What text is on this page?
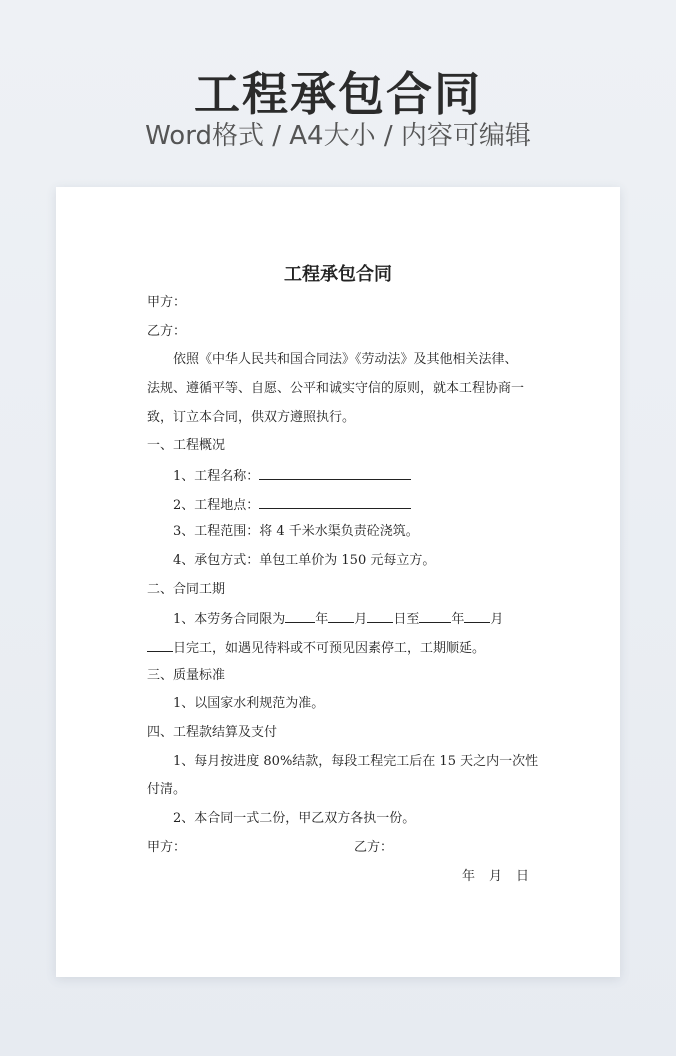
工程承包合同
Word格式 / A4大小 / 内容可编辑
工程承包合同
甲方：
乙方：
依照《中华人民共和国合同法》《劳动法》及其他相关法律、
法规、遵循平等、自愿、公平和诚实守信的原则，就本工程协商一
致，订立本合同，供双方遵照执行。
一、工程概况
1、工程名称：
2、工程地点：
3、工程范围：将 4 千米水渠负责砼浇筑。
4、承包方式：单包工单价为 150 元每立方。
二、合同工期
1、本劳务合同限为 年 月 日至 年 月
日完工，如遇见待料或不可预见因素停工，工期顺延。
三、质量标准
1、以国家水利规范为准。
四、工程款结算及支付
1、每月按进度 80%结款，每段工程完工后在 15 天之内一次性
付清。
2、本合同一式二份，甲乙双方各执一份。
甲方：	乙方：
年 月 日
